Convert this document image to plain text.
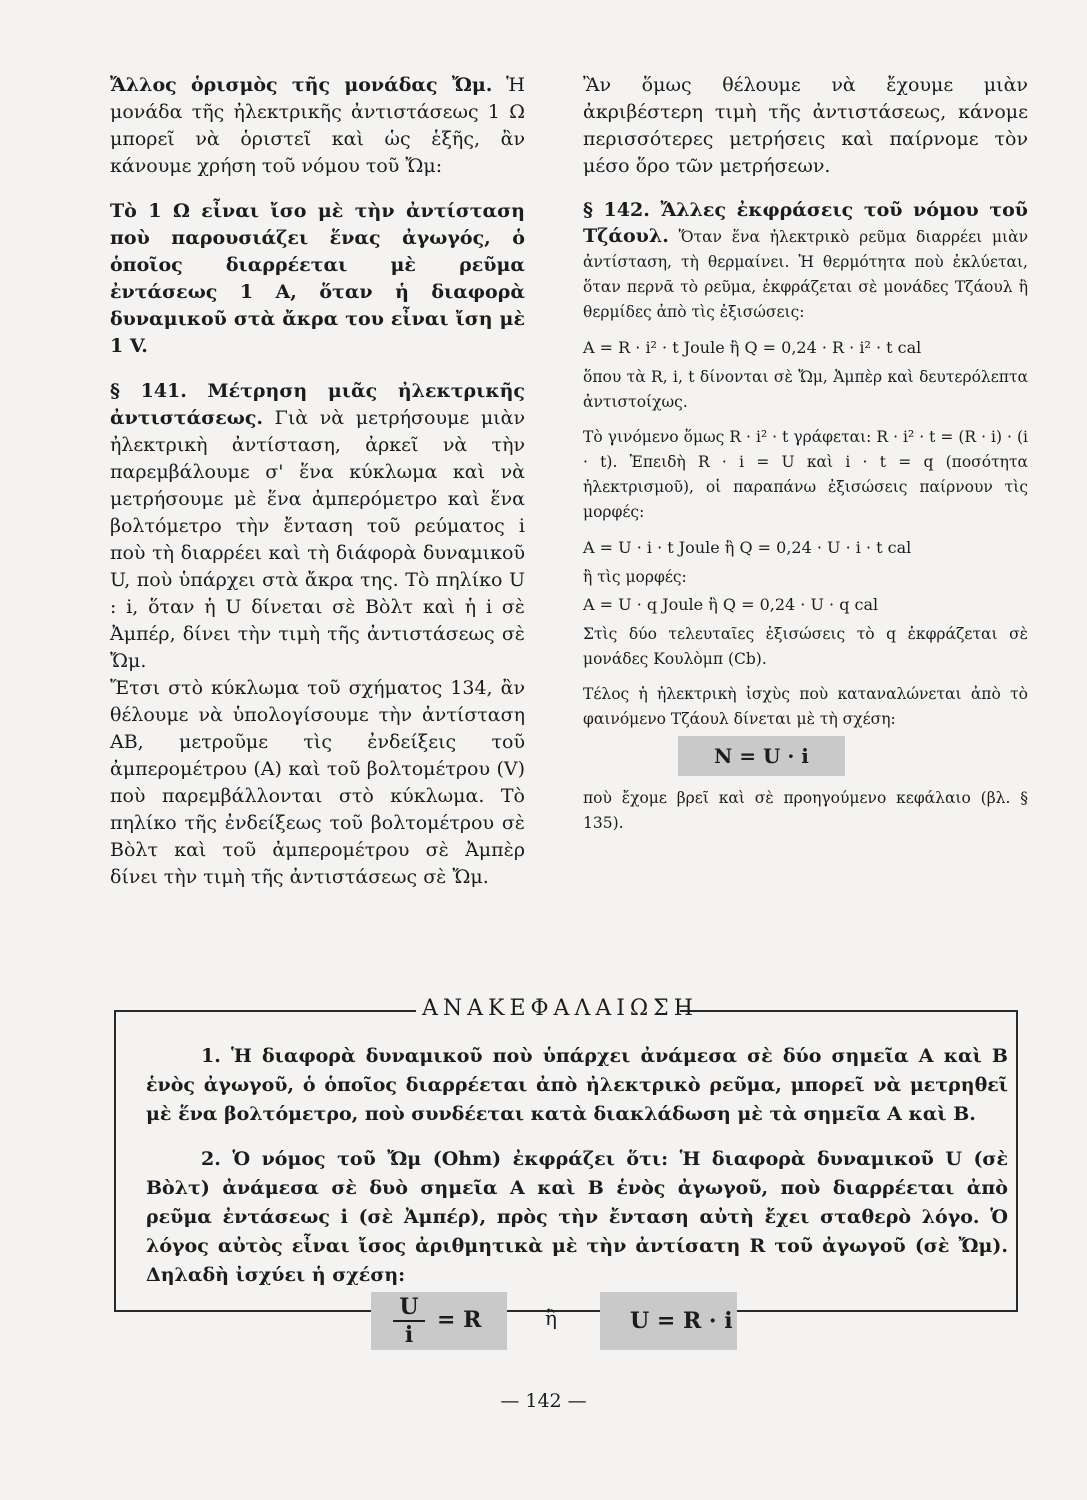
Ἄλλος ὁρισμὸς τῆς μονάδας Ὤμ. Ἡ μονάδα τῆς ἠλεκτρικῆς ἀντιστάσεως 1 Ω μπορεῖ νὰ ὁριστεῖ καὶ ὡς ἑξῆς, ἂν κάνουμε χρήση τοῦ νόμου τοῦ Ὤμ:

Τὸ 1 Ω εἶναι ἴσο μὲ τὴν ἀντίσταση ποὺ παρουσιάζει ἕνας ἀγωγός, ὁ ὁποῖος διαρρέεται μὲ ρεῦμα ἐντάσεως 1 Α, ὅταν ἡ διαφορὰ δυναμικοῦ στὰ ἄκρα του εἶναι ἴση μὲ 1 V.

§ 141. Μέτρηση μιᾶς ἠλεκτρικῆς ἀντιστάσεως. Γιὰ νὰ μετρήσουμε μιὰν ἠλεκτρικὴ ἀντίσταση, ἀρκεῖ νὰ τὴν παρεμβάλουμε σ' ἕνα κύκλωμα καὶ νὰ μετρήσουμε μὲ ἕνα ἀμπερόμετρο καὶ ἕνα βολτόμετρο τὴν ἔνταση τοῦ ρεύματος i ποὺ τὴ διαρρέει καὶ τὴ διάφορὰ δυναμικοῦ U, ποὺ ὑπάρχει στὰ ἄκρα της. Τὸ πηλίκο U : i, ὅταν ἡ U δίνεται σὲ Βὸλτ καὶ ἡ i σὲ Ἀμπέρ, δίνει τὴν τιμὴ τῆς ἀντιστάσεως σὲ Ὤμ.

Ἔτσι στὸ κύκλωμα τοῦ σχήματος 134, ἂν θέλουμε νὰ ὑπολογίσουμε τὴν ἀντίσταση ΑΒ, μετροῦμε τὶς ἐνδείξεις τοῦ ἀμπερομέτρου (Α) καὶ τοῦ βολτομέτρου (V) ποὺ παρεμβάλλονται στὸ κύκλωμα. Τὸ πηλίκο τῆς ἐνδείξεως τοῦ βολτομέτρου σὲ Βὸλτ καὶ τοῦ ἀμπερομέτρου σὲ Ἀμπὲρ δίνει τὴν τιμὴ τῆς ἀντιστάσεως σὲ Ὤμ.

Ἂν ὅμως θέλουμε νὰ ἔχουμε μιὰν ἀκριβέστερη τιμὴ τῆς ἀντιστάσεως, κάνομε περισσότερες μετρήσεις καὶ παίρνομε τὸν μέσο ὅρο τῶν μετρήσεων.

§ 142. Ἄλλες ἐκφράσεις τοῦ νόμου τοῦ Τζάουλ. Ὅταν ἕνα ἠλεκτρικὸ ρεῦμα διαρρέει μιὰν ἀντίσταση, τὴ θερμαίνει. Ἡ θερμότητα ποὺ ἐκλύεται, ὅταν περνᾶ τὸ ρεῦμα, ἐκφράζεται σὲ μονάδες Τζάουλ ἢ θερμίδες ἀπὸ τὶς ἐξισώσεις:

Α = R · i² · t Joule ἢ Q = 0,24 · R · i² · t cal

ὅπου τὰ R, i, t δίνονται σὲ Ὤμ, Ἀμπὲρ καὶ δευτερόλεπτα ἀντιστοίχως.

Τὸ γινόμενο ὅμως R · i² · t γράφεται: R · i² · t = (R · i) · (i · t). Ἐπειδὴ R · i = U καὶ i · t = q (ποσότητα ἠλεκτρισμοῦ), οἱ παραπάνω ἐξισώσεις παίρνουν τὶς μορφές:

Α = U · i · t Joule ἢ Q = 0,24 · U · i · t cal

ἢ τὶς μορφές:

Α = U · q Joule ἢ Q = 0,24 · U · q cal

Στὶς δύο τελευταῖες ἐξισώσεις τὸ q ἐκφράζεται σὲ μονάδες Κουλὸμπ (Cb).

Τέλος ἡ ἠλεκτρικὴ ἰσχὺς ποὺ καταναλώνεται ἀπὸ τὸ φαινόμενο Τζάουλ δίνεται μὲ τὴ σχέση:

N = U · i

ποὺ ἔχομε βρεῖ καὶ σὲ προηγούμενο κεφάλαιο (βλ. § 135).

ΑΝΑΚΕΦΑΛΑΙΩΣΗ

1. Ἡ διαφορὰ δυναμικοῦ ποὺ ὑπάρχει ἀνάμεσα σὲ δύο σημεῖα Α καὶ Β ἑνὸς ἀγωγοῦ, ὁ ὁποῖος διαρρέεται ἀπὸ ἠλεκτρικὸ ρεῦμα, μπορεῖ νὰ μετρηθεῖ μὲ ἕνα βολτόμετρο, ποὺ συνδέεται κατὰ διακλάδωση μὲ τὰ σημεῖα Α καὶ Β.

2. Ὁ νόμος τοῦ Ὤμ (Ohm) ἐκφράζει ὅτι: Ἡ διαφορὰ δυναμικοῦ U (σὲ Βὸλτ) ἀνάμεσα σὲ δυὸ σημεῖα Α καὶ Β ἑνὸς ἀγωγοῦ, ποὺ διαρρέεται ἀπὸ ρεῦμα ἐντάσεως i (σὲ Ἀμπέρ), πρὸς τὴν ἔνταση αὐτὴ ἔχει σταθερὸ λόγο. Ὁ λόγος αὐτὸς εἶναι ἴσος ἀριθμητικὰ μὲ τὴν ἀντίσατη R τοῦ ἀγωγοῦ (σὲ Ὤμ). Δηλαδὴ ἰσχύει ἡ σχέση:

$\frac{U}{i} = R$	ἢ	U = R · i
— 142 —
